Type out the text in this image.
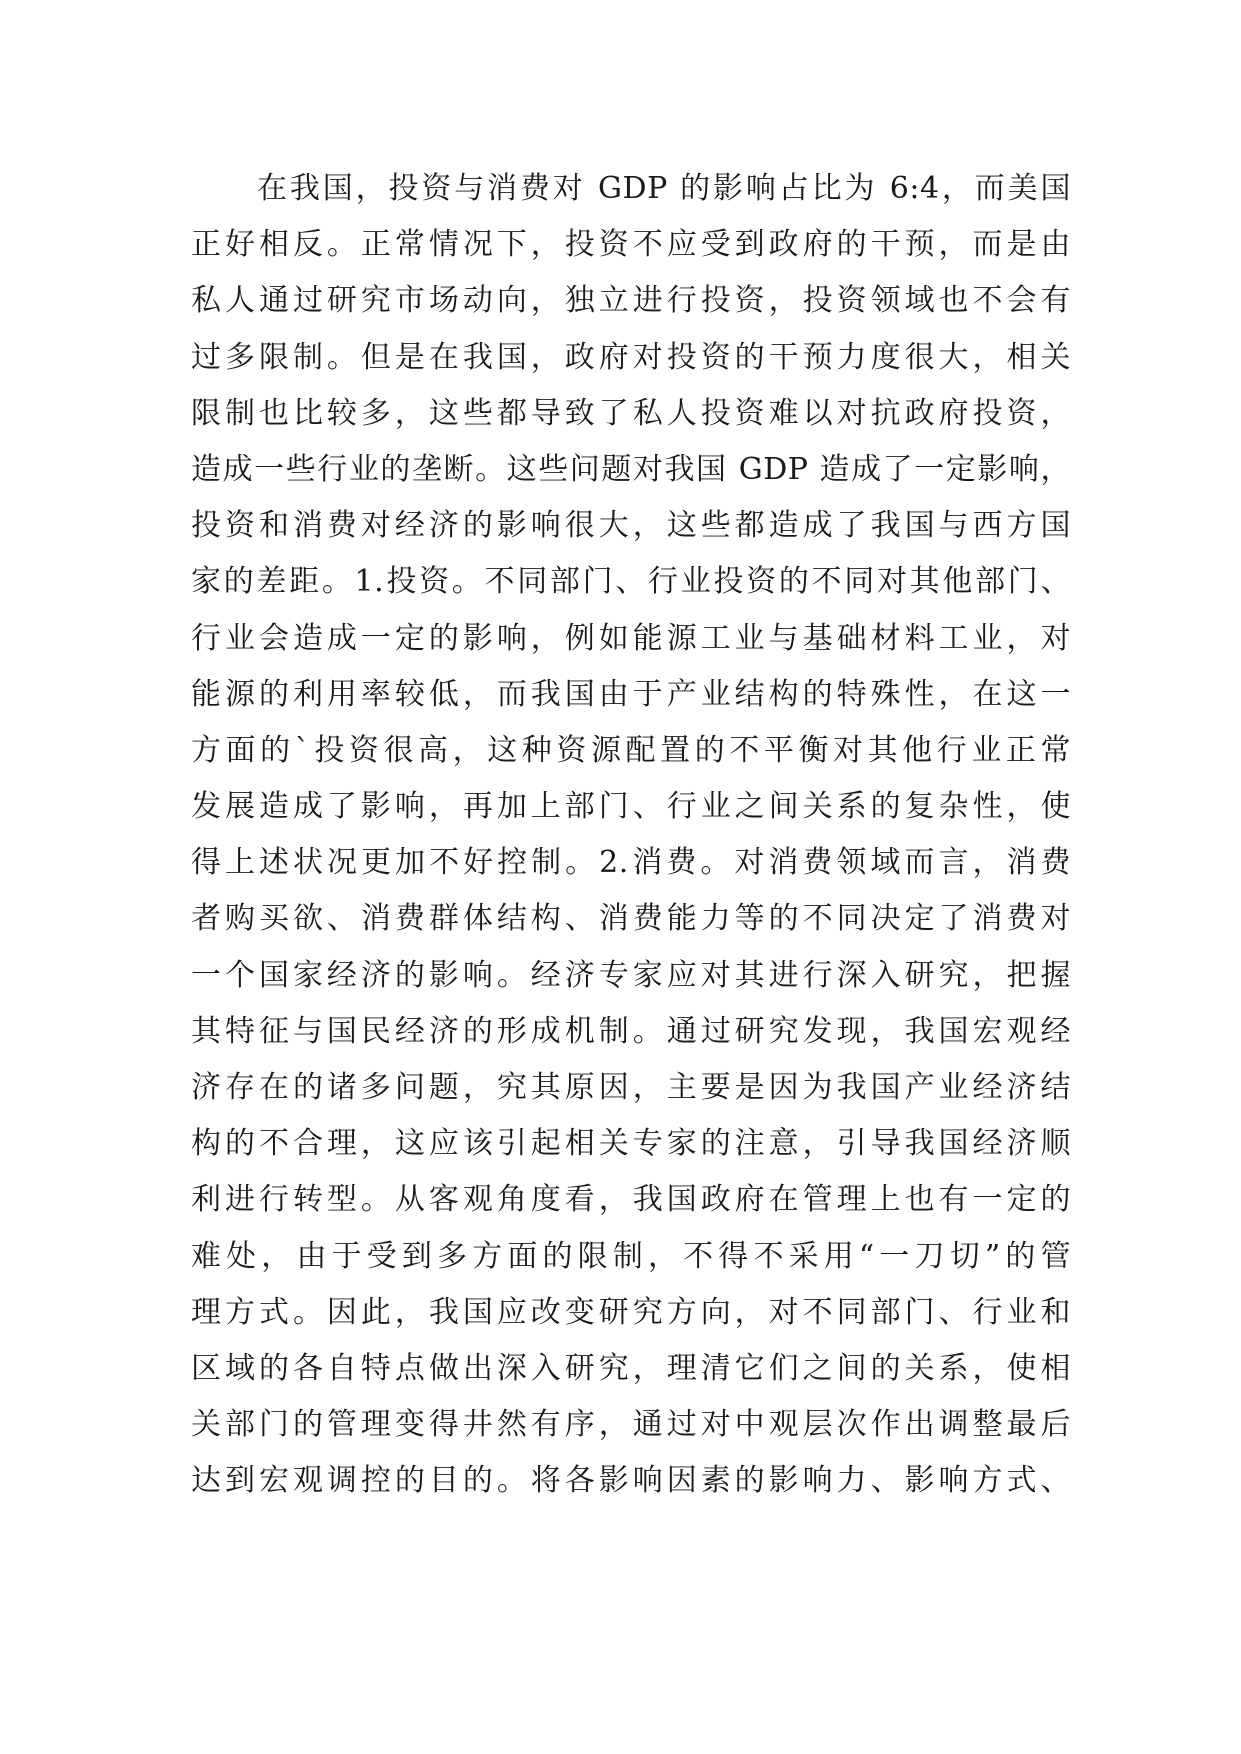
在我国，投资与消费对 GDP 的影响占比为 6:4，而美国
正好相反。正常情况下，投资不应受到政府的干预，而是由
私人通过研究市场动向，独立进行投资，投资领域也不会有
过多限制。但是在我国，政府对投资的干预力度很大，相关
限制也比较多，这些都导致了私人投资难以对抗政府投资，
造成一些行业的垄断。这些问题对我国 GDP 造成了一定影响，
投资和消费对经济的影响很大，这些都造成了我国与西方国
家的差距。1.投资。不同部门、行业投资的不同对其他部门、
行业会造成一定的影响，例如能源工业与基础材料工业，对
能源的利用率较低，而我国由于产业结构的特殊性，在这一
方面的`投资很高，这种资源配置的不平衡对其他行业正常
发展造成了影响，再加上部门、行业之间关系的复杂性，使
得上述状况更加不好控制。2.消费。对消费领域而言，消费
者购买欲、消费群体结构、消费能力等的不同决定了消费对
一个国家经济的影响。经济专家应对其进行深入研究，把握
其特征与国民经济的形成机制。通过研究发现，我国宏观经
济存在的诸多问题，究其原因，主要是因为我国产业经济结
构的不合理，这应该引起相关专家的注意，引导我国经济顺
利进行转型。从客观角度看，我国政府在管理上也有一定的
难处，由于受到多方面的限制，不得不采用“一刀切”的管
理方式。因此，我国应改变研究方向，对不同部门、行业和
区域的各自特点做出深入研究，理清它们之间的关系，使相
关部门的管理变得井然有序，通过对中观层次作出调整最后
达到宏观调控的目的。将各影响因素的影响力、影响方式、
